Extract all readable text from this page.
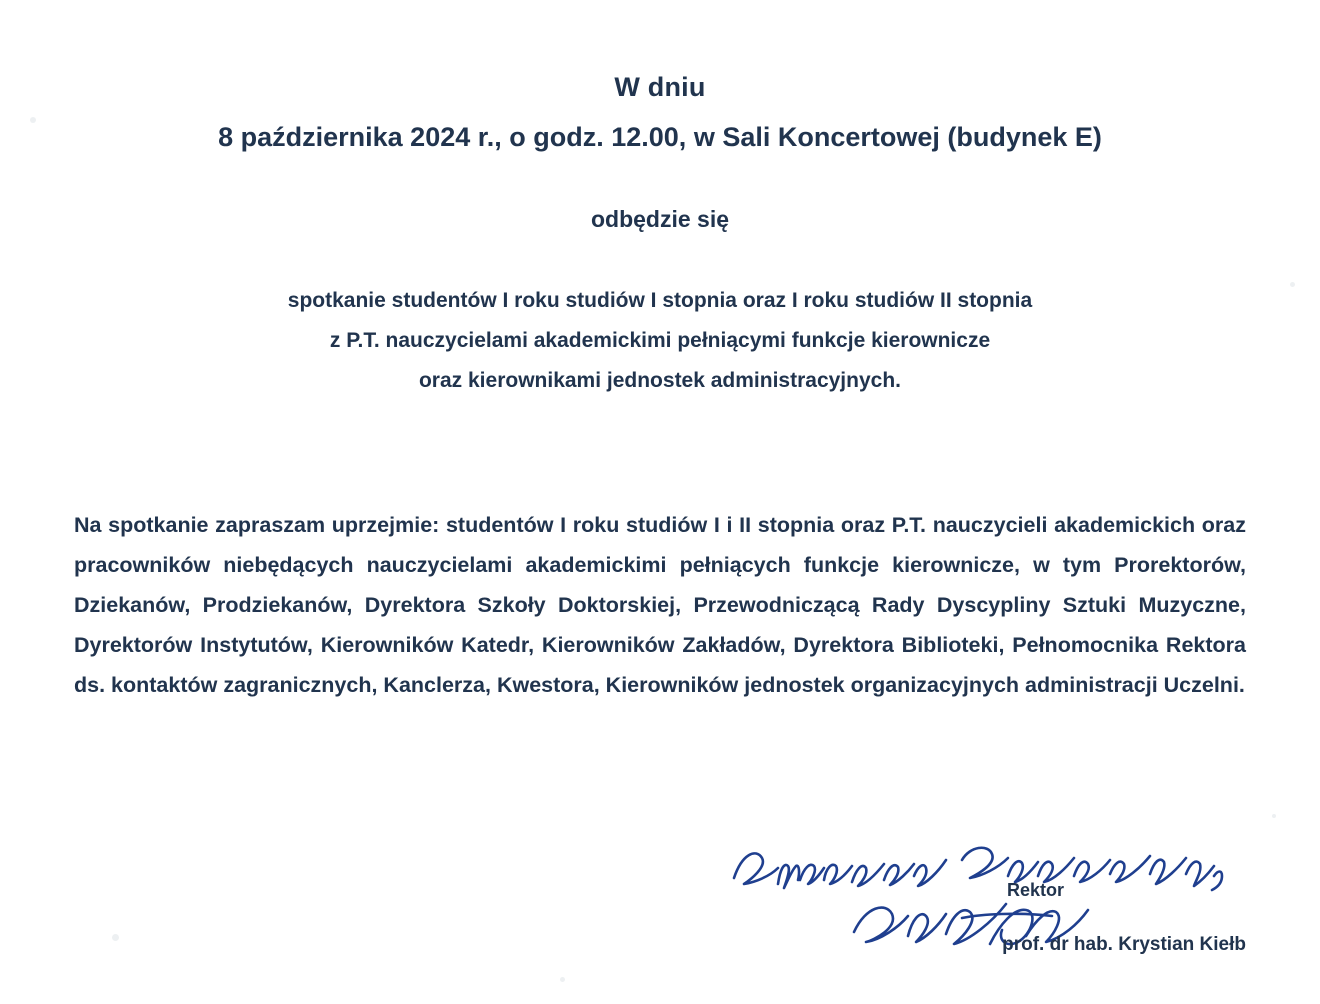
W dniu
8 października 2024 r., o godz. 12.00, w Sali Koncertowej (budynek E)
odbędzie się
spotkanie studentów I roku studiów I stopnia oraz I roku studiów II stopnia
z P.T. nauczycielami akademickimi pełniącymi funkcje kierownicze
oraz kierownikami jednostek administracyjnych.

Na spotkanie zapraszam uprzejmie: studentów I roku studiów I i II stopnia oraz P.T. nauczycieli akademickich oraz pracowników niebędących nauczycielami akademickimi pełniących funkcje kierownicze, w tym Prorektorów, Dziekanów, Prodziekanów, Dyrektora Szkoły Doktorskiej, Przewodniczącą Rady Dyscypliny Sztuki Muzyczne, Dyrektorów Instytutów, Kierowników Katedr, Kierowników Zakładów, Dyrektora Biblioteki, Pełnomocnika Rektora ds. kontaktów zagranicznych, Kanclerza, Kwestora, Kierowników jednostek organizacyjnych administracji Uczelni.

Rektor
prof. dr hab. Krystian Kiełb
